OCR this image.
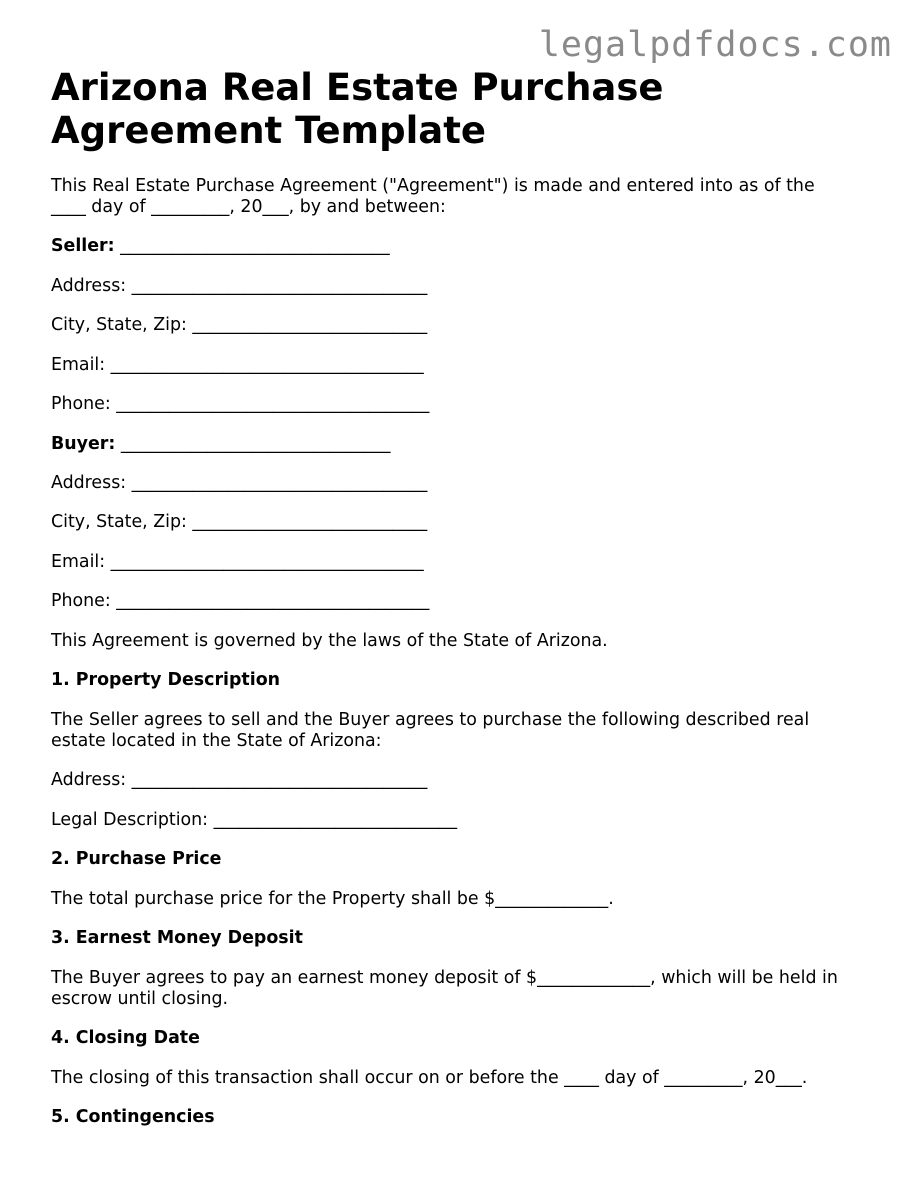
legalpdfdocs.com
Arizona Real Estate Purchase Agreement Template

This Real Estate Purchase Agreement ("Agreement") is made and entered into as of the ____ day of _________, 20___, by and between:

Seller: _______________________________

Address: __________________________________

City, State, Zip: ___________________________

Email: ____________________________________

Phone: ____________________________________

Buyer: _______________________________

Address: __________________________________

City, State, Zip: ___________________________

Email: ____________________________________

Phone: ____________________________________

This Agreement is governed by the laws of the State of Arizona.

1. Property Description

The Seller agrees to sell and the Buyer agrees to purchase the following described real estate located in the State of Arizona:

Address: __________________________________

Legal Description: ____________________________

2. Purchase Price

The total purchase price for the Property shall be $_____________.

3. Earnest Money Deposit

The Buyer agrees to pay an earnest money deposit of $_____________, which will be held in escrow until closing.

4. Closing Date

The closing of this transaction shall occur on or before the ____ day of _________, 20___.

5. Contingencies
